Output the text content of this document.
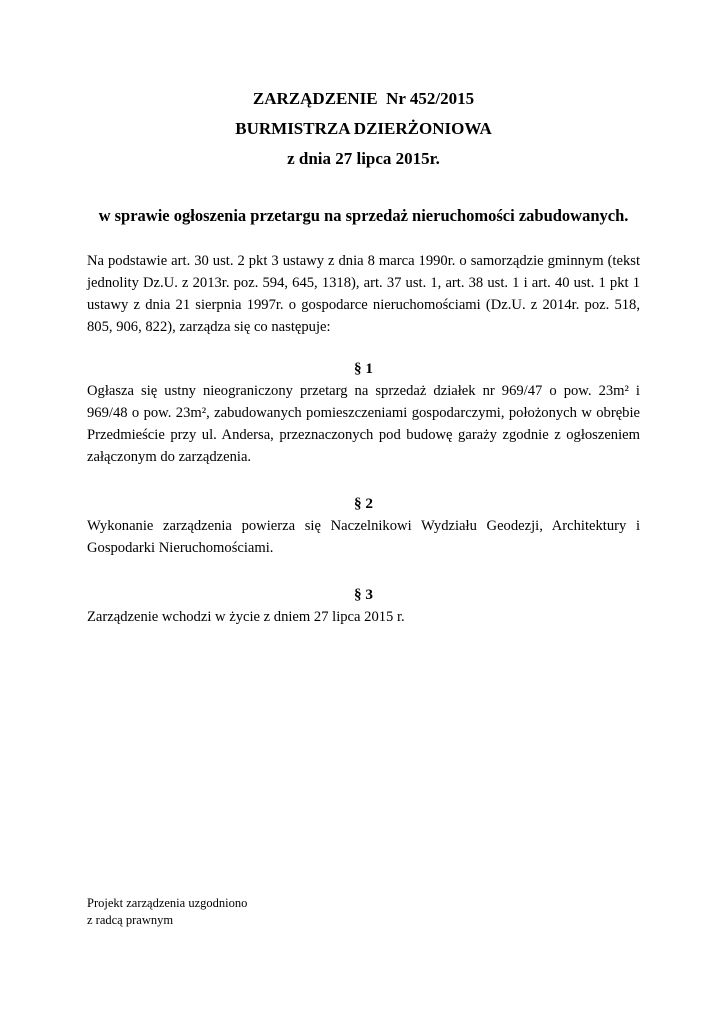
ZARZĄDZENIE  Nr 452/2015
BURMISTRZA DZIERŻONIOWA
z dnia 27 lipca 2015r.
w sprawie ogłoszenia przetargu na sprzedaż nieruchomości zabudowanych.

Na podstawie art. 30 ust. 2 pkt 3 ustawy z dnia 8 marca 1990r. o samorządzie gminnym (tekst jednolity Dz.U. z 2013r. poz. 594, 645, 1318), art. 37 ust. 1, art. 38 ust. 1 i art. 40 ust. 1 pkt 1 ustawy z dnia 21 sierpnia 1997r. o gospodarce nieruchomościami (Dz.U. z 2014r. poz. 518, 805, 906, 822), zarządza się co następuje:

§ 1

Ogłasza się ustny nieograniczony przetarg na sprzedaż działek nr 969/47 o pow. 23m² i 969/48 o pow. 23m², zabudowanych pomieszczeniami gospodarczymi, położonych w obrębie Przedmieście przy ul. Andersa, przeznaczonych pod budowę garaży zgodnie z ogłoszeniem załączonym do zarządzenia.

§ 2

Wykonanie zarządzenia powierza się Naczelnikowi Wydziału Geodezji, Architektury i Gospodarki Nieruchomościami.

§ 3

Zarządzenie wchodzi w życie z dniem 27 lipca 2015 r.

Projekt zarządzenia uzgodniono
z radcą prawnym
